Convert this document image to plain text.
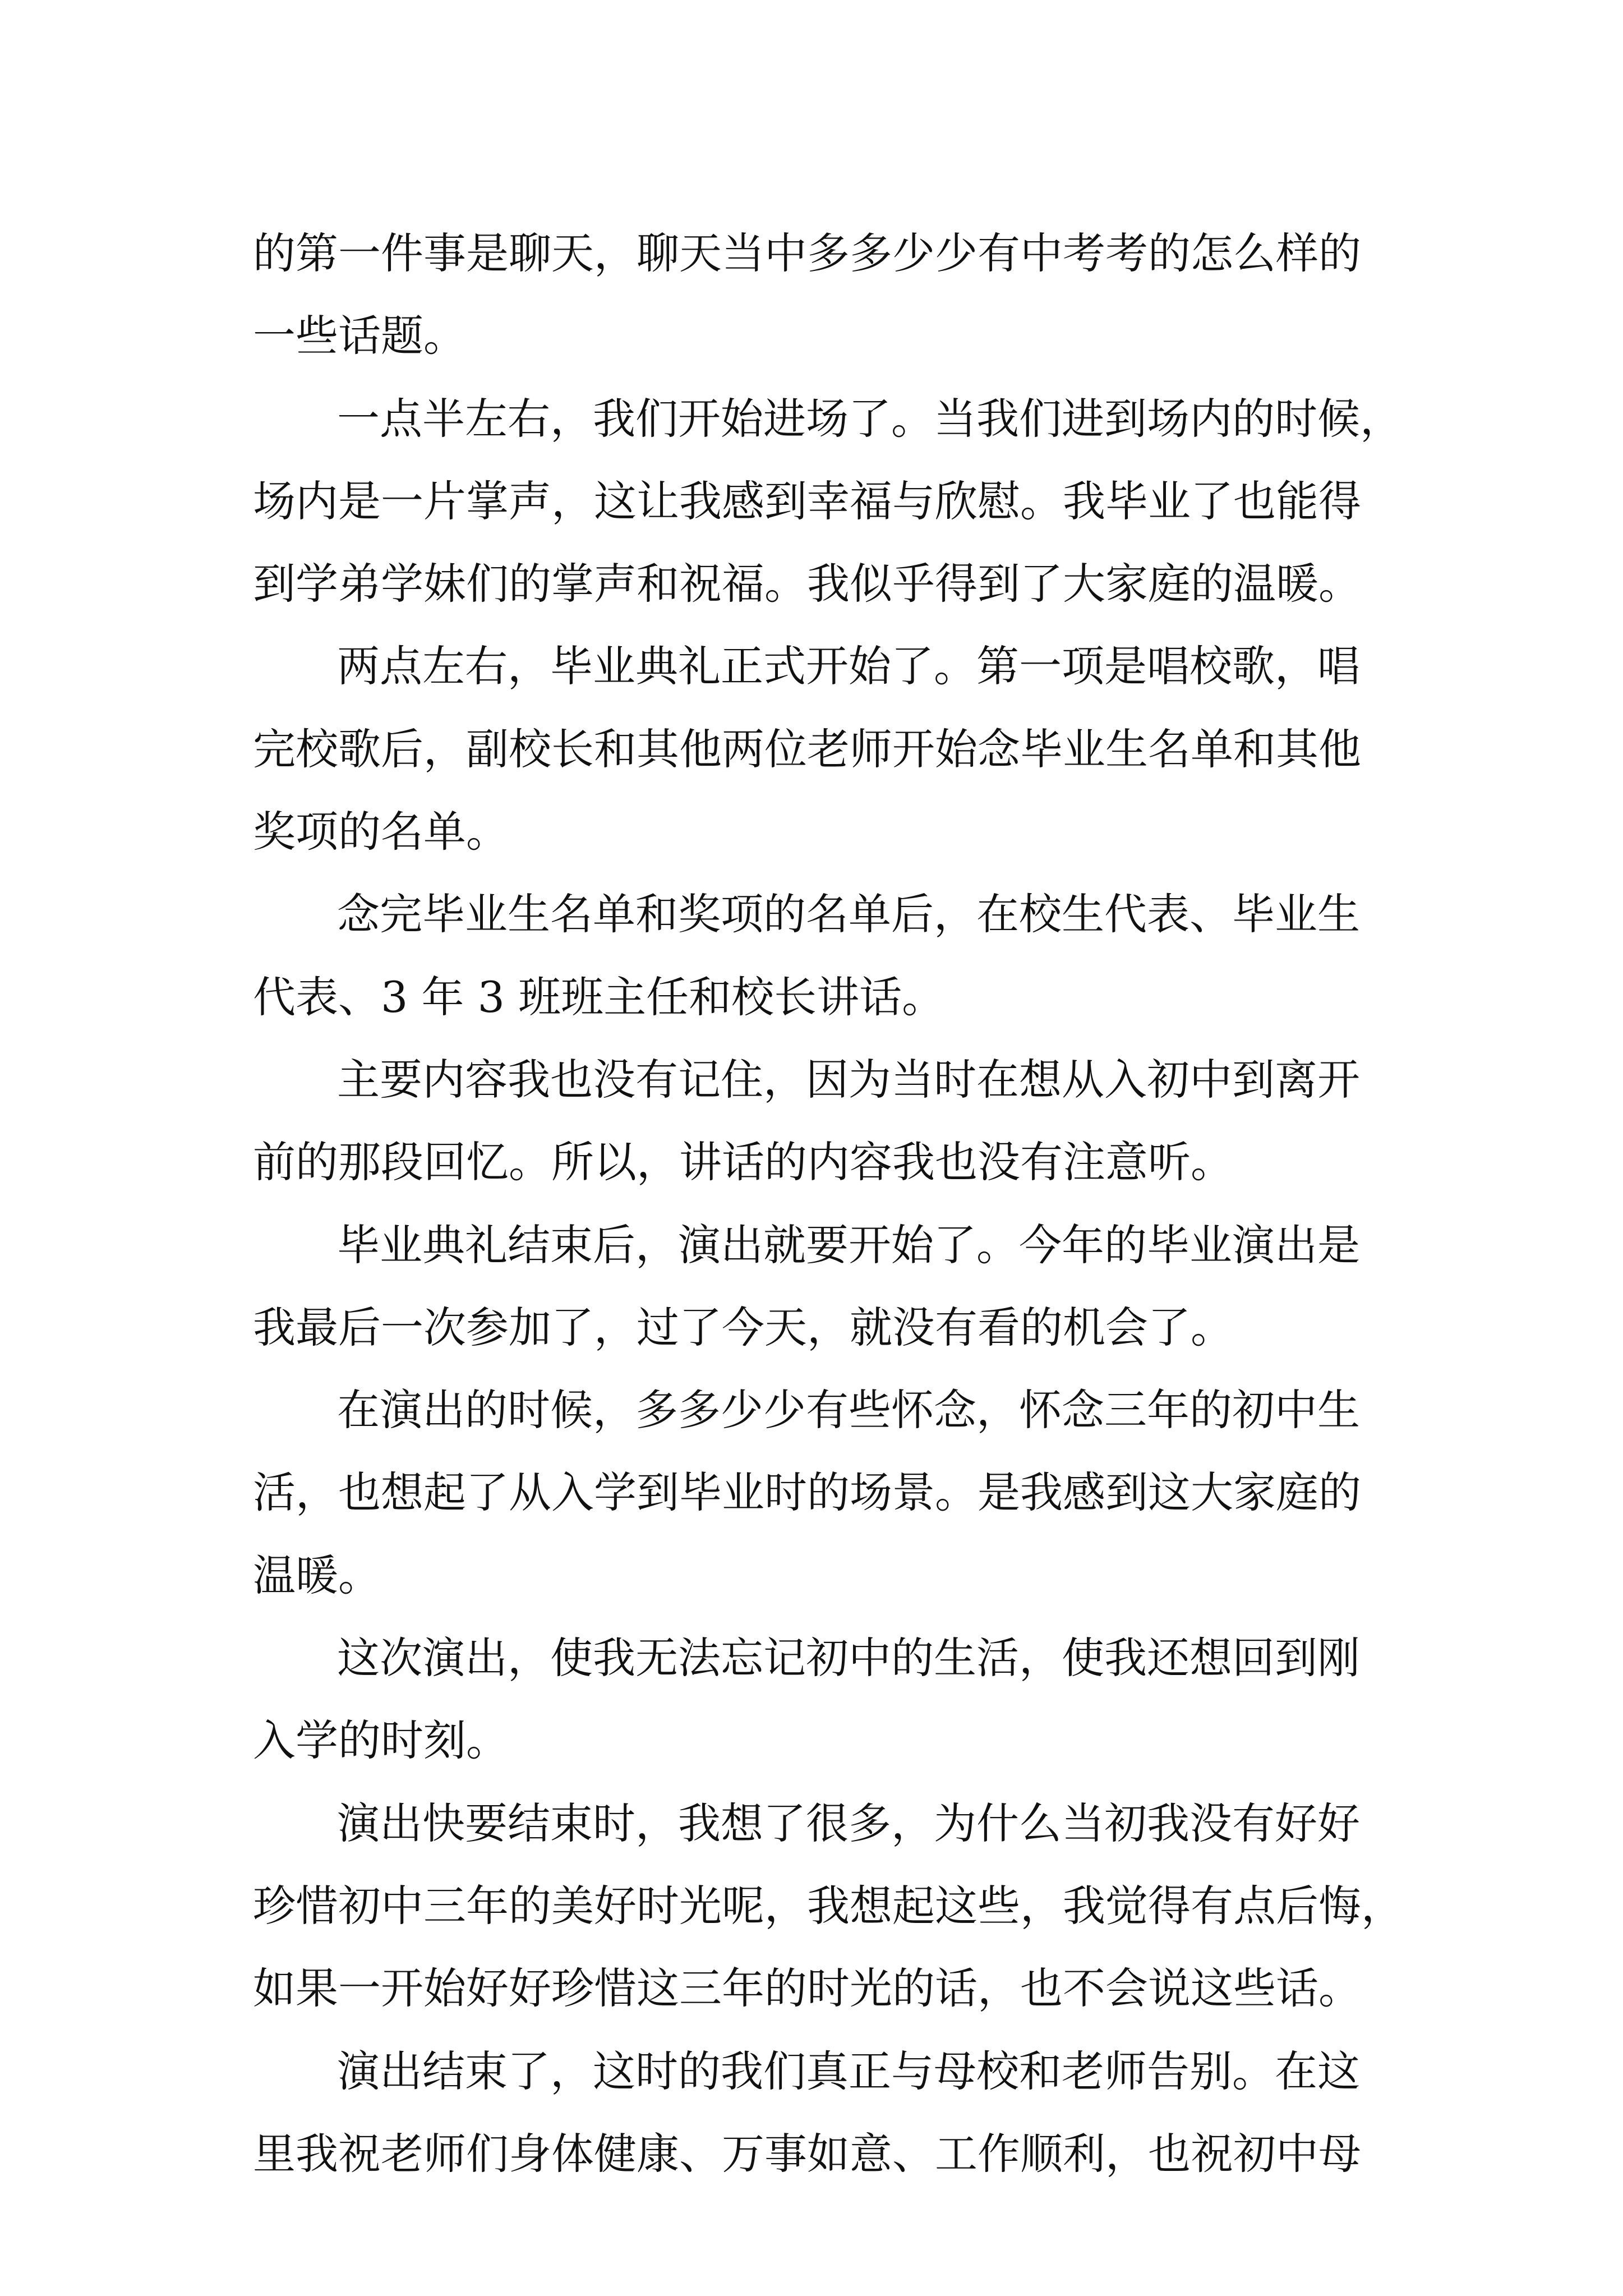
的第一件事是聊天，聊天当中多多少少有中考考的怎么样的
一些话题。
一点半左右，我们开始进场了。当我们进到场内的时候，
场内是一片掌声，这让我感到幸福与欣慰。我毕业了也能得
到学弟学妹们的掌声和祝福。我似乎得到了大家庭的温暖。
两点左右，毕业典礼正式开始了。第一项是唱校歌，唱
完校歌后，副校长和其他两位老师开始念毕业生名单和其他
奖项的名单。
念完毕业生名单和奖项的名单后，在校生代表、毕业生
代表、3 年 3 班班主任和校长讲话。
主要内容我也没有记住，因为当时在想从入初中到离开
前的那段回忆。所以，讲话的内容我也没有注意听。
毕业典礼结束后，演出就要开始了。今年的毕业演出是
我最后一次参加了，过了今天，就没有看的机会了。
在演出的时候，多多少少有些怀念，怀念三年的初中生
活，也想起了从入学到毕业时的场景。是我感到这大家庭的
温暖。
这次演出，使我无法忘记初中的生活，使我还想回到刚
入学的时刻。
演出快要结束时，我想了很多，为什么当初我没有好好
珍惜初中三年的美好时光呢，我想起这些，我觉得有点后悔，
如果一开始好好珍惜这三年的时光的话，也不会说这些话。
演出结束了，这时的我们真正与母校和老师告别。在这
里我祝老师们身体健康、万事如意、工作顺利，也祝初中母
